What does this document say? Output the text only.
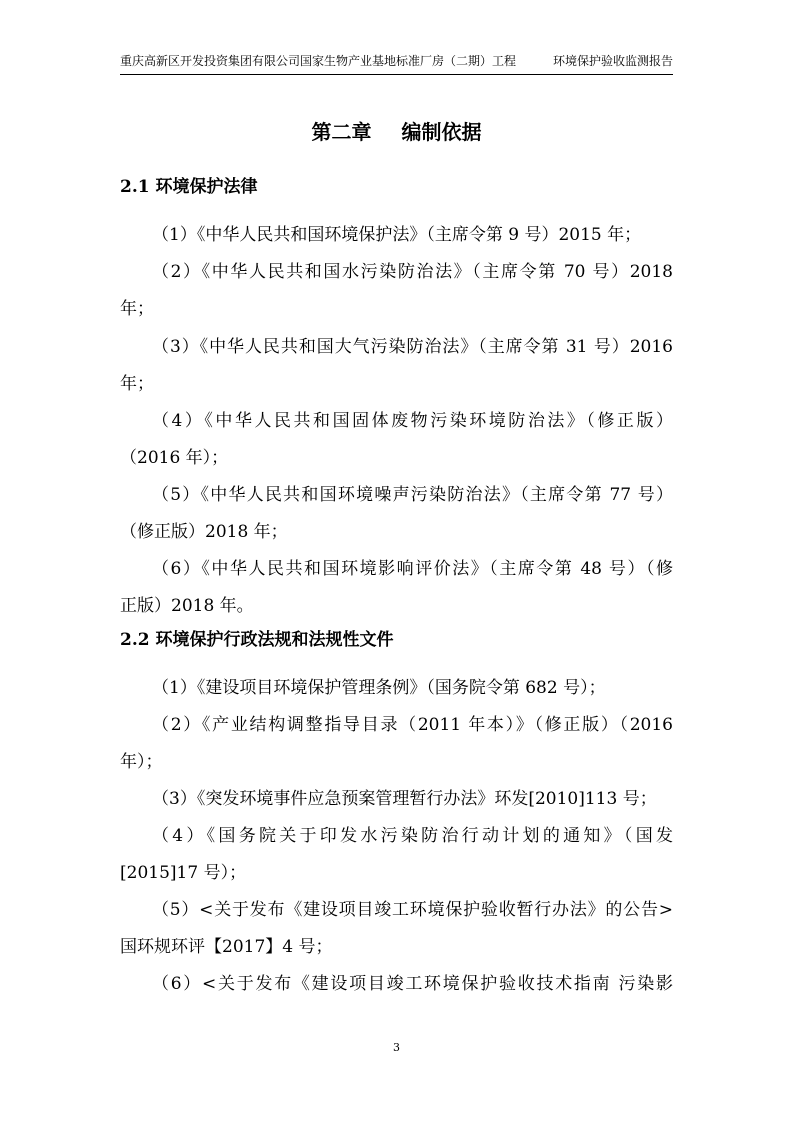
重庆高新区开发投资集团有限公司国家生物产业基地标准厂房（二期）工程	环境保护验收监测报告
第二章 编制依据
2.1 环境保护法律
（1）《中华人民共和国环境保护法》（主席令第 9 号）2015 年；
（2）《中华人民共和国水污染防治法》（主席令第 70 号）2018
年；
（3）《中华人民共和国大气污染防治法》（主席令第 31 号）2016
年；
（4）《中华人民共和国固体废物污染环境防治法》（修正版）
（2016 年）；
（5）《中华人民共和国环境噪声污染防治法》（主席令第 77 号）
（修正版）2018 年；
（6）《中华人民共和国环境影响评价法》（主席令第 48 号）（修
正版）2018 年。
2.2 环境保护行政法规和法规性文件
（1）《建设项目环境保护管理条例》（国务院令第 682 号）；
（2）《产业结构调整指导目录（2011 年本）》（修正版）（2016
年）；
（3）《突发环境事件应急预案管理暂行办法》环发[2010]113 号；
（4）《国务院关于印发水污染防治行动计划的通知》（国发
[2015]17 号）；
（5）<关于发布《建设项目竣工环境保护验收暂行办法》的公告>
国环规环评【2017】4 号；
（6）<关于发布《建设项目竣工环境保护验收技术指南 污染影
3
